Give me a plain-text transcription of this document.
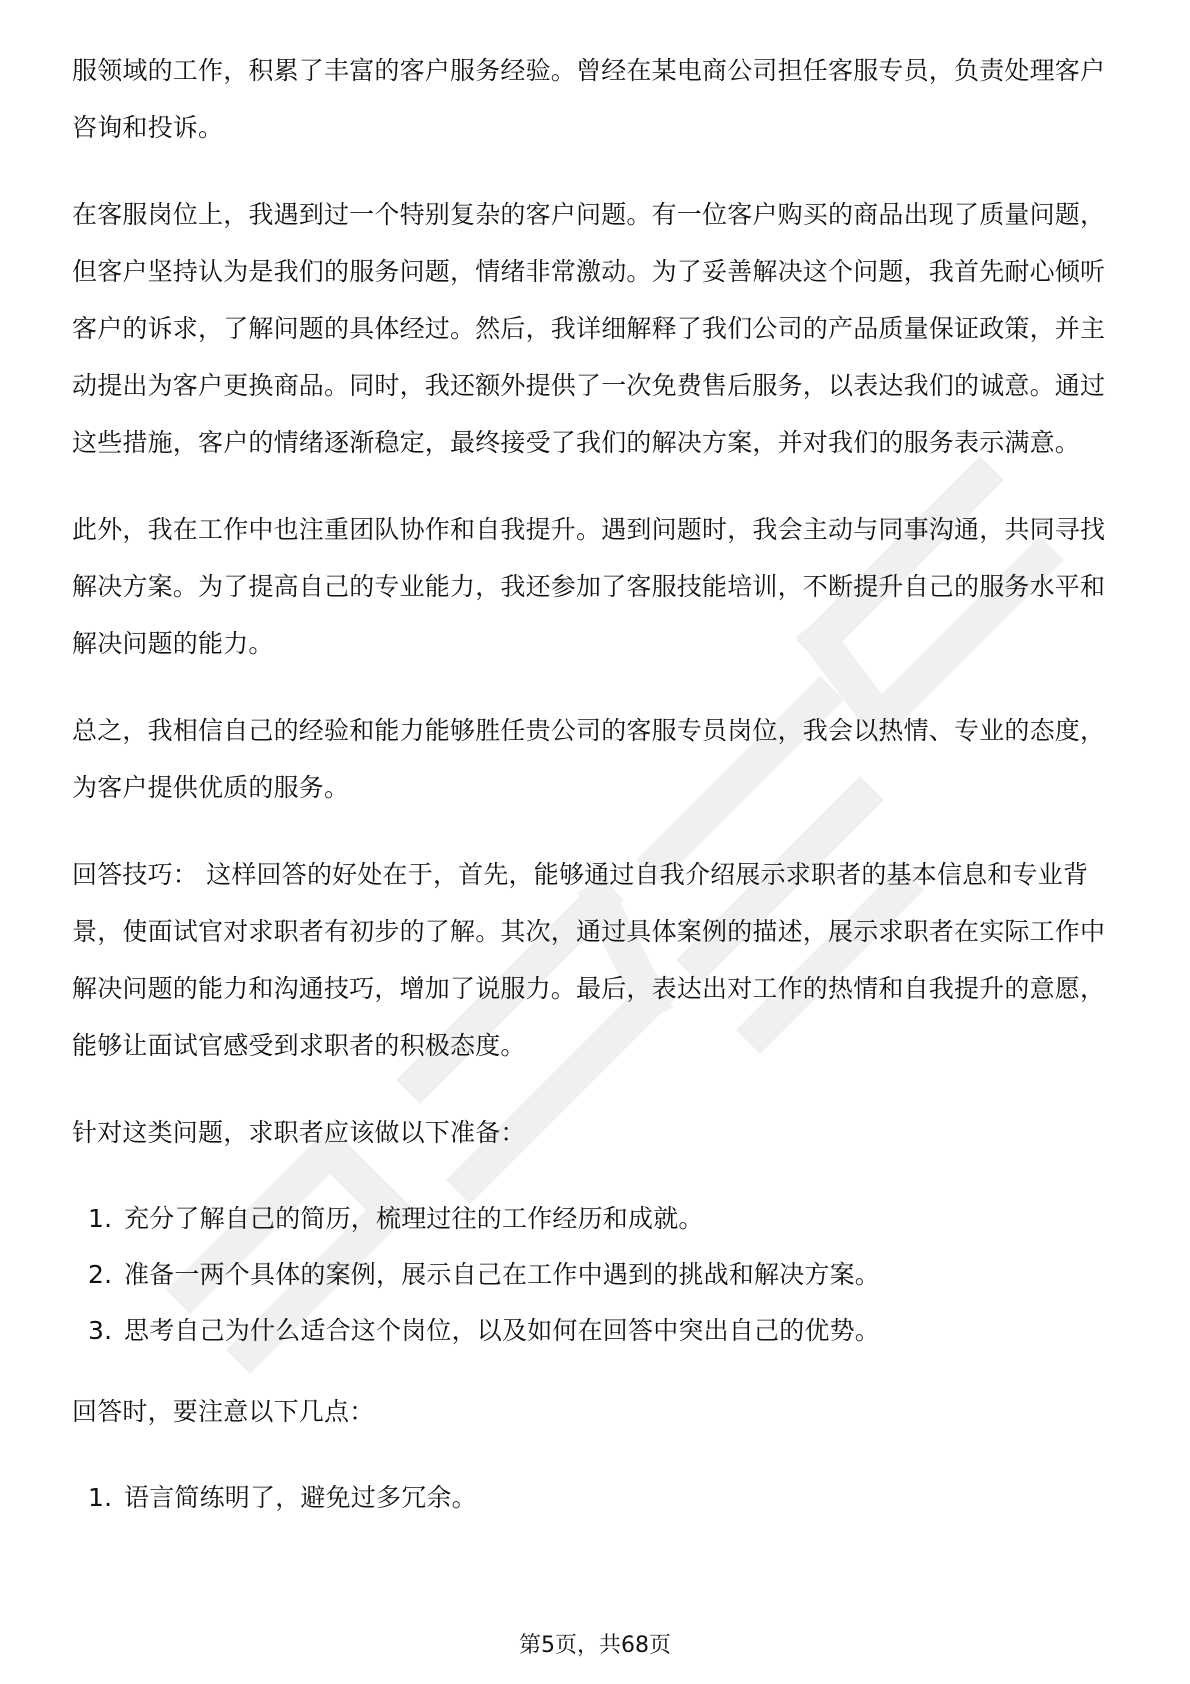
服领域的工作，积累了丰富的客户服务经验。曾经在某电商公司担任客服专员，负责处理客户咨询和投诉。

在客服岗位上，我遇到过一个特别复杂的客户问题。有一位客户购买的商品出现了质量问题，但客户坚持认为是我们的服务问题，情绪非常激动。为了妥善解决这个问题，我首先耐心倾听客户的诉求，了解问题的具体经过。然后，我详细解释了我们公司的产品质量保证政策，并主动提出为客户更换商品。同时，我还额外提供了一次免费售后服务，以表达我们的诚意。通过这些措施，客户的情绪逐渐稳定，最终接受了我们的解决方案，并对我们的服务表示满意。

此外，我在工作中也注重团队协作和自我提升。遇到问题时，我会主动与同事沟通，共同寻找解决方案。为了提高自己的专业能力，我还参加了客服技能培训，不断提升自己的服务水平和解决问题的能力。

总之，我相信自己的经验和能力能够胜任贵公司的客服专员岗位，我会以热情、专业的态度，为客户提供优质的服务。

回答技巧： 这样回答的好处在于，首先，能够通过自我介绍展示求职者的基本信息和专业背景，使面试官对求职者有初步的了解。其次，通过具体案例的描述，展示求职者在实际工作中解决问题的能力和沟通技巧，增加了说服力。最后，表达出对工作的热情和自我提升的意愿，能够让面试官感受到求职者的积极态度。

针对这类问题，求职者应该做以下准备：

1. 充分了解自己的简历，梳理过往的工作经历和成就。
2. 准备一两个具体的案例，展示自己在工作中遇到的挑战和解决方案。
3. 思考自己为什么适合这个岗位，以及如何在回答中突出自己的优势。

回答时，要注意以下几点：

1. 语言简练明了，避免过多冗余。
第5页，共68页
